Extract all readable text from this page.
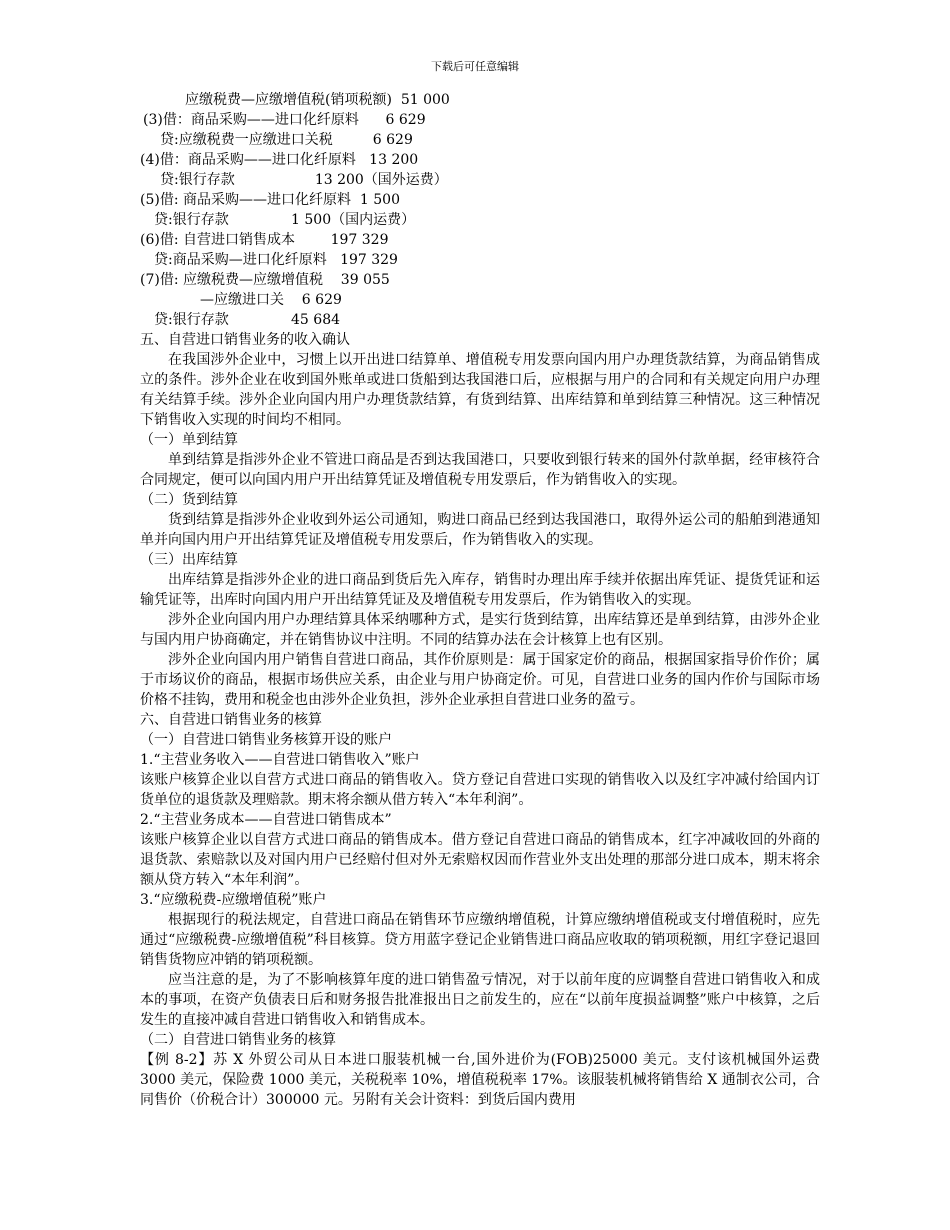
下载后可任意编辑
应缴税费—应缴增值税(销项税额)  51 000
(3)借：商品采购——进口化纤原料      6 629
贷:应缴税费一应缴进口关税         6 629
(4)借：商品采购——进口化纤原料   13 200
贷:银行存款                  13 200（国外运费）
(5)借: 商品采购——进口化纤原料  1 500
贷:银行存款              1 500（国内运费）
(6)借: 自营进口销售成本        197 329
贷:商品采购—进口化纤原料   197 329
(7)借: 应缴税费—应缴增值税    39 055
—应缴进口关    6 629
贷:银行存款              45 684
五、自营进口销售业务的收入确认

在我国涉外企业中，习惯上以开出进口结算单、增值税专用发票向国内用户办理货款结算，为商品销售成立的条件。涉外企业在收到国外账单或进口货船到达我国港口后，应根据与用户的合同和有关规定向用户办理有关结算手续。涉外企业向国内用户办理货款结算，有货到结算、出库结算和单到结算三种情况。这三种情况下销售收入实现的时间均不相同。

（一）单到结算

单到结算是指涉外企业不管进口商品是否到达我国港口，只要收到银行转来的国外付款单据，经审核符合合同规定，便可以向国内用户开出结算凭证及增值税专用发票后，作为销售收入的实现。

（二）货到结算

货到结算是指涉外企业收到外运公司通知，购进口商品已经到达我国港口，取得外运公司的船舶到港通知单并向国内用户开出结算凭证及增值税专用发票后，作为销售收入的实现。

（三）出库结算

出库结算是指涉外企业的进口商品到货后先入库存，销售时办理出库手续并依据出库凭证、提货凭证和运输凭证等，出库时向国内用户开出结算凭证及及增值税专用发票后，作为销售收入的实现。

涉外企业向国内用户办理结算具体采纳哪种方式，是实行货到结算，出库结算还是单到结算，由涉外企业与国内用户协商确定，并在销售协议中注明。不同的结算办法在会计核算上也有区别。

涉外企业向国内用户销售自营进口商品，其作价原则是：属于国家定价的商品，根据国家指导价作价；属于市场议价的商品，根据市场供应关系，由企业与用户协商定价。可见，自营进口业务的国内作价与国际市场价格不挂钩，费用和税金也由涉外企业负担，涉外企业承担自营进口业务的盈亏。

六、自营进口销售业务的核算
（一）自营进口销售业务核算开设的账户
1.“主营业务收入——自营进口销售收入”账户

该账户核算企业以自营方式进口商品的销售收入。贷方登记自营进口实现的销售收入以及红字冲减付给国内订货单位的退货款及理赔款。期末将余额从借方转入“本年利润”。

2.“主营业务成本——自营进口销售成本”

该账户核算企业以自营方式进口商品的销售成本。借方登记自营进口商品的销售成本，红字冲减收回的外商的退货款、索赔款以及对国内用户已经赔付但对外无索赔权因而作营业外支出处理的那部分进口成本，期末将余额从贷方转入“本年利润”。

3.“应缴税费-应缴增值税”账户

根据现行的税法规定，自营进口商品在销售环节应缴纳增值税，计算应缴纳增值税或支付增值税时，应先通过“应缴税费-应缴增值税”科目核算。贷方用蓝字登记企业销售进口商品应收取的销项税额，用红字登记退回销售货物应冲销的销项税额。

应当注意的是，为了不影响核算年度的进口销售盈亏情况，对于以前年度的应调整自营进口销售收入和成本的事项，在资产负债表日后和财务报告批准报出日之前发生的，应在“以前年度损益调整”账户中核算，之后发生的直接冲减自营进口销售收入和销售成本。

（二）自营进口销售业务的核算

【例 8-2】苏 X 外贸公司从日本进口服装机械一台,国外进价为(FOB)25000 美元。支付该机械国外运费 3000 美元，保险费 1000 美元，关税税率 10%，增值税税率 17%。该服装机械将销售给 X 通制衣公司，合同售价（价税合计）300000 元。另附有关会计资料：到货后国内费用
